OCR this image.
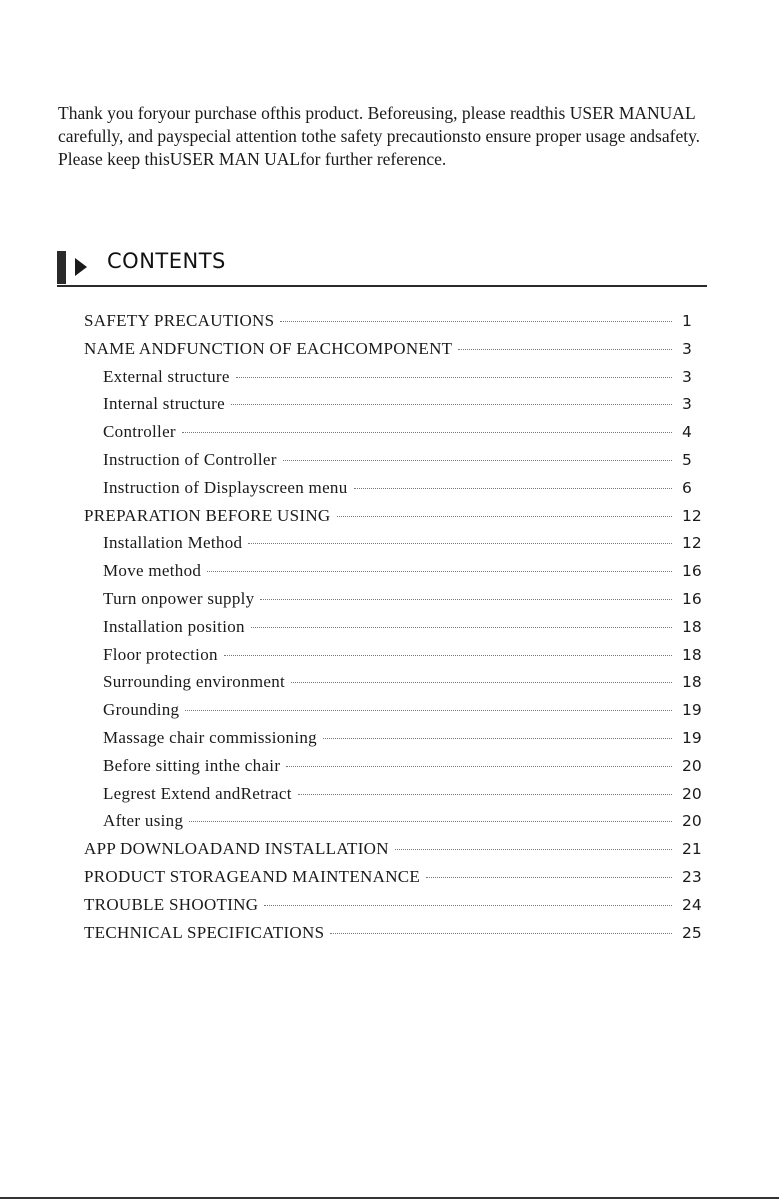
Thank you foryour purchase ofthis product. Beforeusing, please readthis USER MANUAL carefully, and payspecial attention tothe safety precautionsto ensure proper usage andsafety.

Please keep thisUSER MAN UALfor further reference.

CONTENTS
SAFETY PRECAUTIONS	1
NAME ANDFUNCTION OF EACHCOMPONENT	3
External structure	3
Internal structure	3
Controller	4
Instruction of Controller	5
Instruction of Displayscreen menu	6
PREPARATION BEFORE USING	12
Installation Method	12
Move method	16
Turn onpower supply	16
Installation position	18
Floor protection	18
Surrounding environment	18
Grounding	19
Massage chair commissioning	19
Before sitting inthe chair	20
Legrest Extend andRetract	20
After using	20
APP DOWNLOADAND INSTALLATION	21
PRODUCT STORAGEAND MAINTENANCE	23
TROUBLE SHOOTING	24
TECHNICAL SPECIFICATIONS	25
